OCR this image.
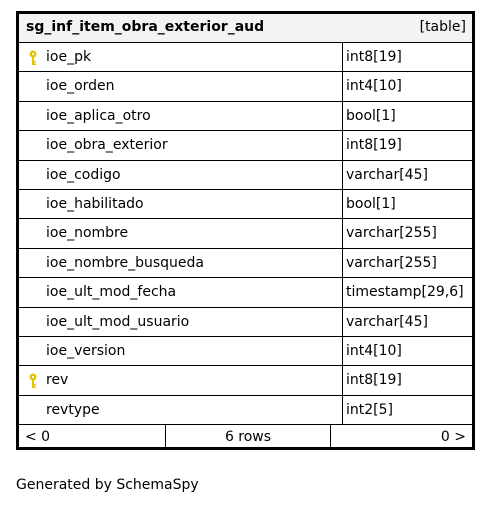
sg_inf_item_obra_exterior_aud	[table]
ioe_pk	int8[19]
ioe_orden	int4[10]
ioe_aplica_otro	bool[1]
ioe_obra_exterior	int8[19]
ioe_codigo	varchar[45]
ioe_habilitado	bool[1]
ioe_nombre	varchar[255]
ioe_nombre_busqueda	varchar[255]
ioe_ult_mod_fecha	timestamp[29,6]
ioe_ult_mod_usuario	varchar[45]
ioe_version	int4[10]
rev	int8[19]
revtype	int2[5]
< 0	6 rows	0 >
Generated by SchemaSpy
